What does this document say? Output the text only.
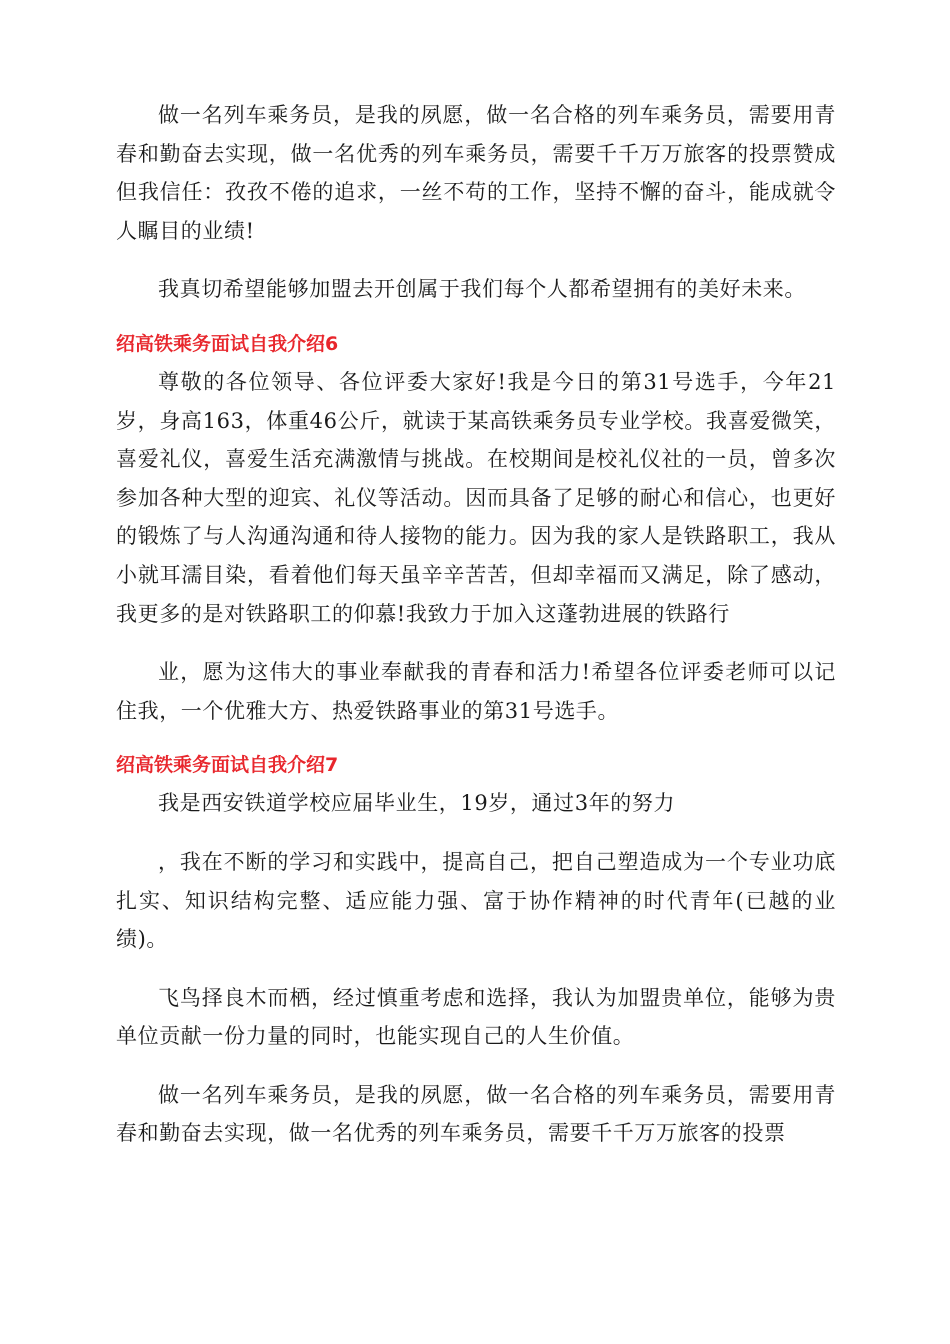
做一名列车乘务员，是我的夙愿，做一名合格的列车乘务员，需要用青春和勤奋去实现，做一名优秀的列车乘务员，需要千千万万旅客的投票赞成但我信任：孜孜不倦的追求，一丝不苟的工作，坚持不懈的奋斗，能成就令人瞩目的业绩!

我真切希望能够加盟去开创属于我们每个人都希望拥有的美好未来。

绍高铁乘务面试自我介绍6

尊敬的各位领导、各位评委大家好!我是今日的第31号选手，今年21岁，身高163，体重46公斤，就读于某高铁乘务员专业学校。我喜爱微笑，喜爱礼仪，喜爱生活充满激情与挑战。在校期间是校礼仪社的一员，曾多次参加各种大型的迎宾、礼仪等活动。因而具备了足够的耐心和信心，也更好的锻炼了与人沟通沟通和待人接物的能力。因为我的家人是铁路职工，我从小就耳濡目染，看着他们每天虽辛辛苦苦，但却幸福而又满足，除了感动，我更多的是对铁路职工的仰慕!我致力于加入这蓬勃进展的铁路行

业，愿为这伟大的事业奉献我的青春和活力!希望各位评委老师可以记住我，一个优雅大方、热爱铁路事业的第31号选手。

绍高铁乘务面试自我介绍7

我是西安铁道学校应届毕业生，19岁，通过3年的努力

，我在不断的学习和实践中，提高自己，把自己塑造成为一个专业功底扎实、知识结构完整、适应能力强、富于协作精神的时代青年(已越的业绩)。

飞鸟择良木而栖，经过慎重考虑和选择，我认为加盟贵单位，能够为贵单位贡献一份力量的同时，也能实现自己的人生价值。

做一名列车乘务员，是我的夙愿，做一名合格的列车乘务员，需要用青春和勤奋去实现，做一名优秀的列车乘务员，需要千千万万旅客的投票
